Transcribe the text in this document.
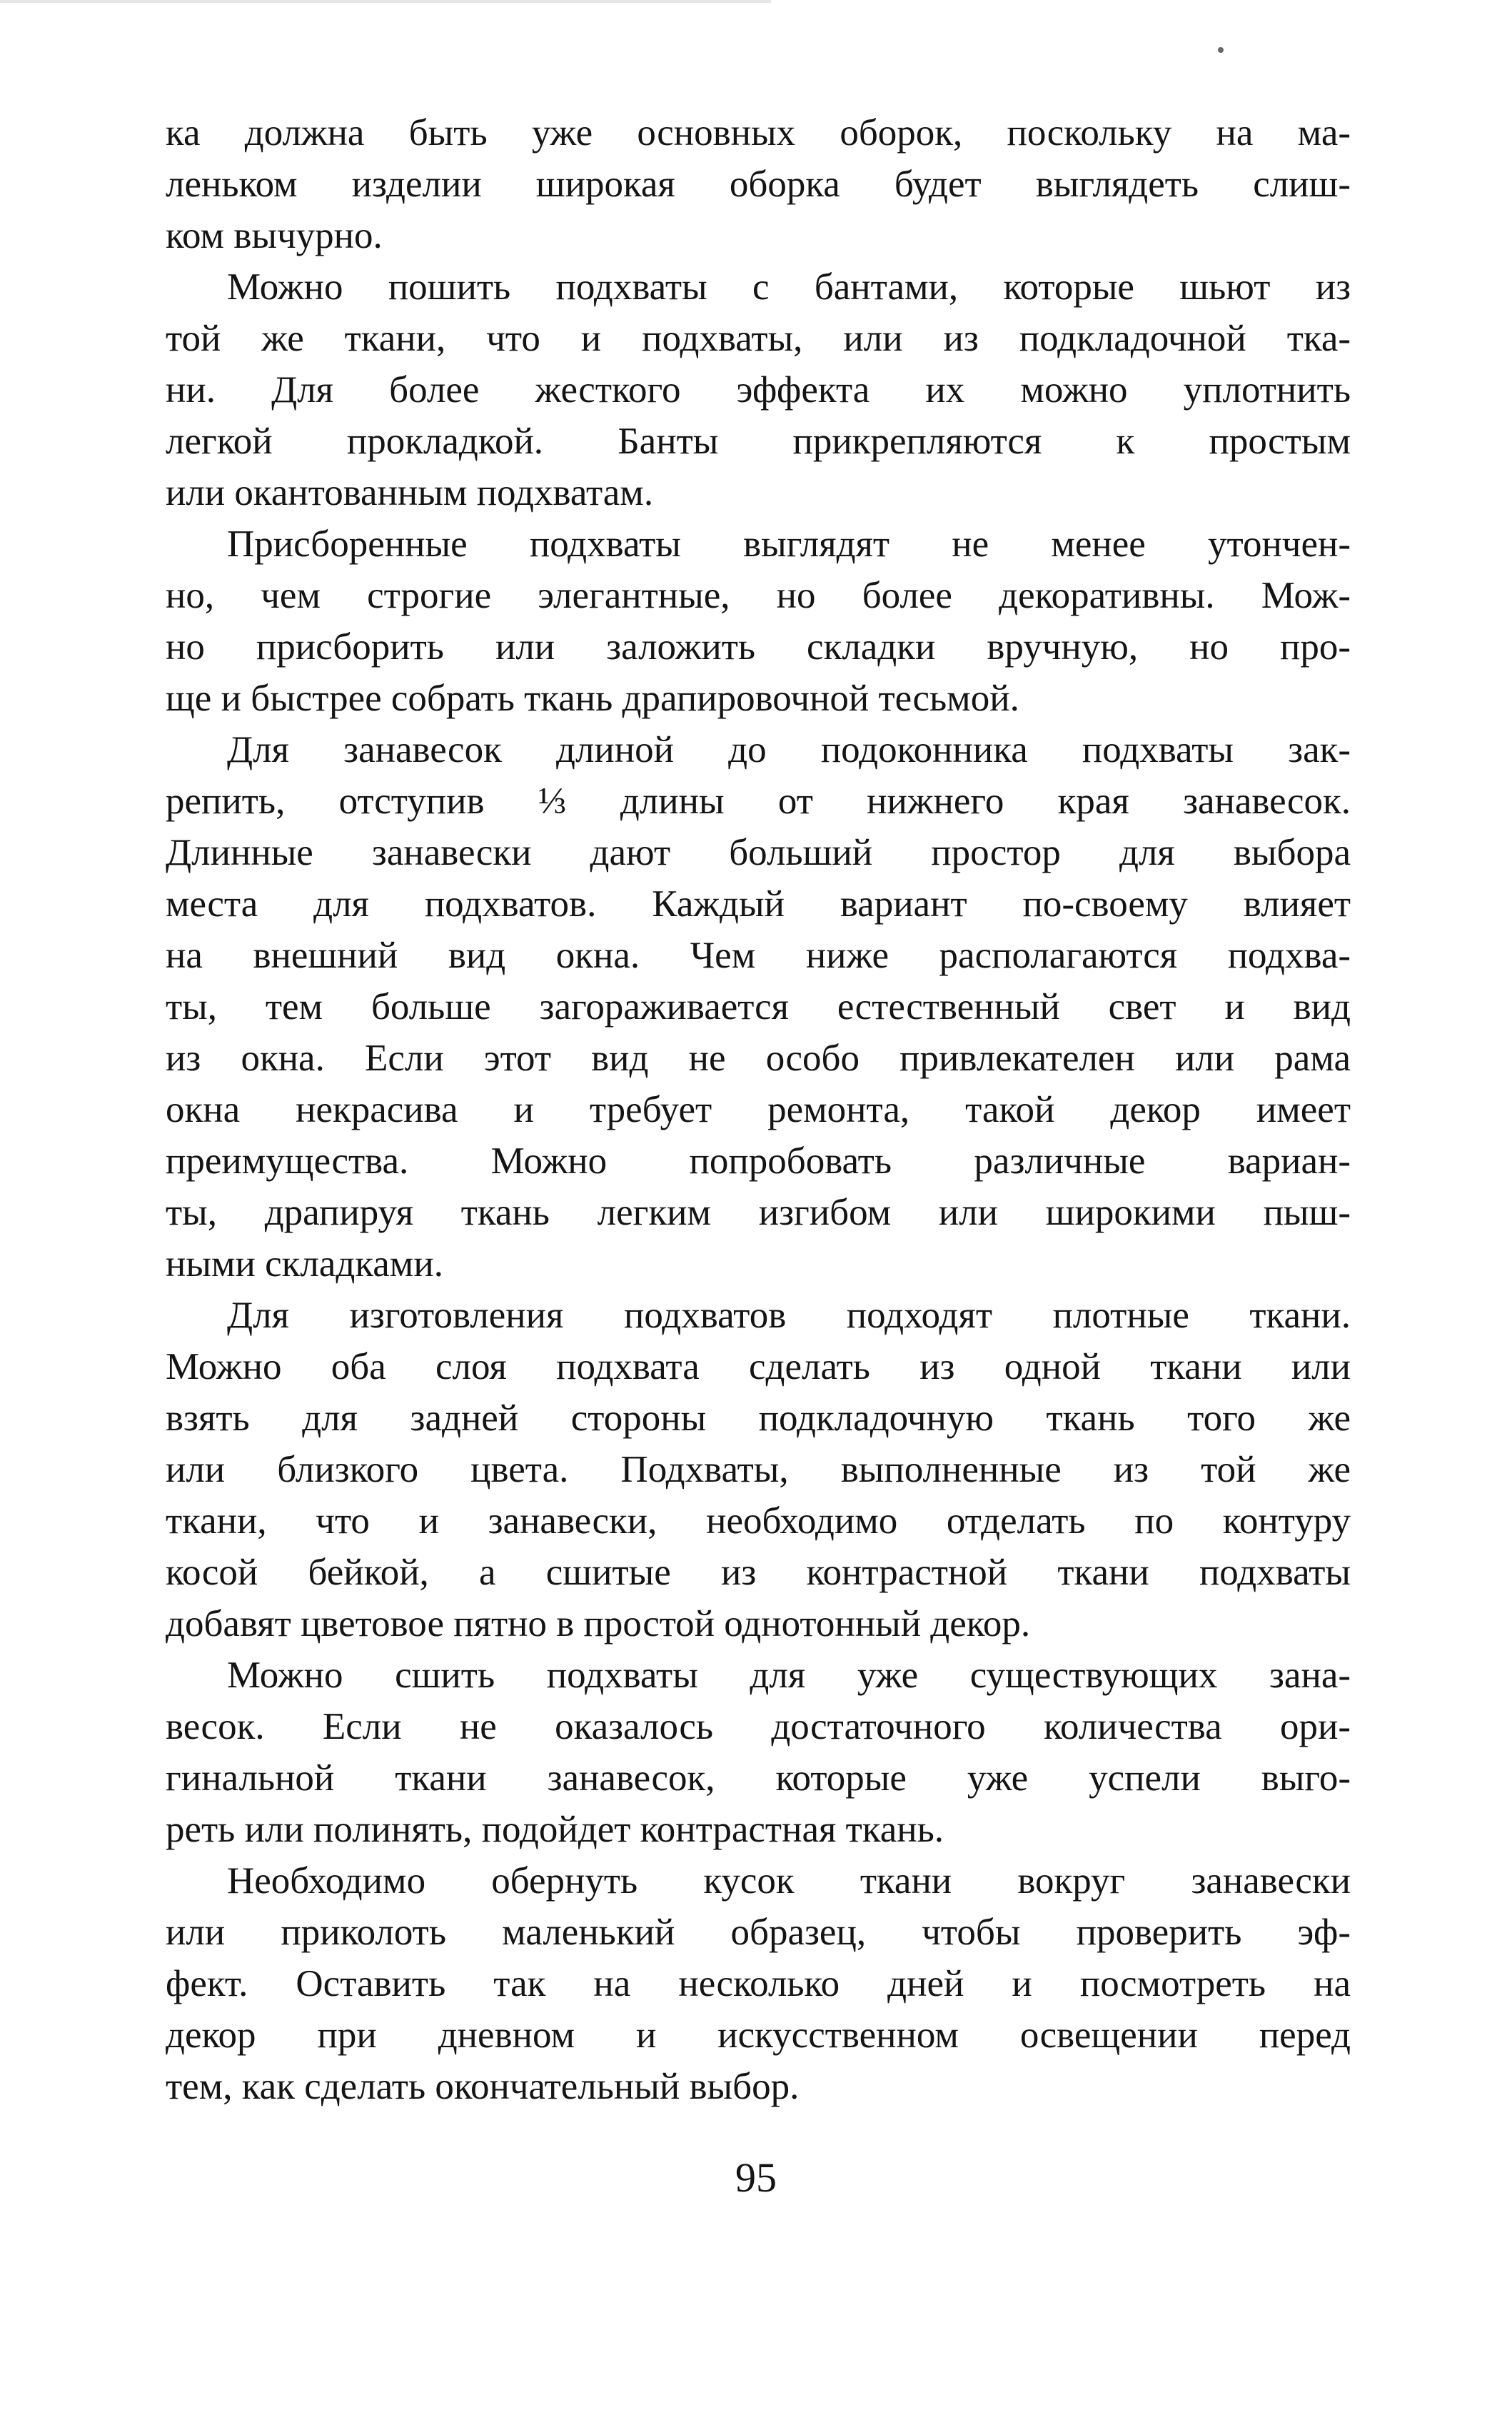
ка должна быть уже основных оборок, поскольку на ма-
леньком изделии широкая оборка будет выглядеть слиш-
ком вычурно.
Можно пошить подхваты с бантами, которые шьют из
той же ткани, что и подхваты, или из подкладочной тка-
ни. Для более жесткого эффекта их можно уплотнить
легкой прокладкой. Банты прикрепляются к простым
или окантованным подхватам.
Присборенные подхваты выглядят не менее утончен-
но, чем строгие элегантные, но более декоративны. Мож-
но присборить или заложить складки вручную, но про-
ще и быстрее собрать ткань драпировочной тесьмой.
Для занавесок длиной до подоконника подхваты зак-
репить, отступив ⅓ длины от нижнего края занавесок.
Длинные занавески дают больший простор для выбора
места для подхватов. Каждый вариант по-своему влияет
на внешний вид окна. Чем ниже располагаются подхва-
ты, тем больше загораживается естественный свет и вид
из окна. Если этот вид не особо привлекателен или рама
окна некрасива и требует ремонта, такой декор имеет
преимущества. Можно попробовать различные вариан-
ты, драпируя ткань легким изгибом или широкими пыш-
ными складками.
Для изготовления подхватов подходят плотные ткани.
Можно оба слоя подхвата сделать из одной ткани или
взять для задней стороны подкладочную ткань того же
или близкого цвета. Подхваты, выполненные из той же
ткани, что и занавески, необходимо отделать по контуру
косой бейкой, а сшитые из контрастной ткани подхваты
добавят цветовое пятно в простой однотонный декор.
Можно сшить подхваты для уже существующих зана-
весок. Если не оказалось достаточного количества ори-
гинальной ткани занавесок, которые уже успели выго-
реть или полинять, подойдет контрастная ткань.
Необходимо обернуть кусок ткани вокруг занавески
или приколоть маленький образец, чтобы проверить эф-
фект. Оставить так на несколько дней и посмотреть на
декор при дневном и искусственном освещении перед
тем, как сделать окончательный выбор.
95
